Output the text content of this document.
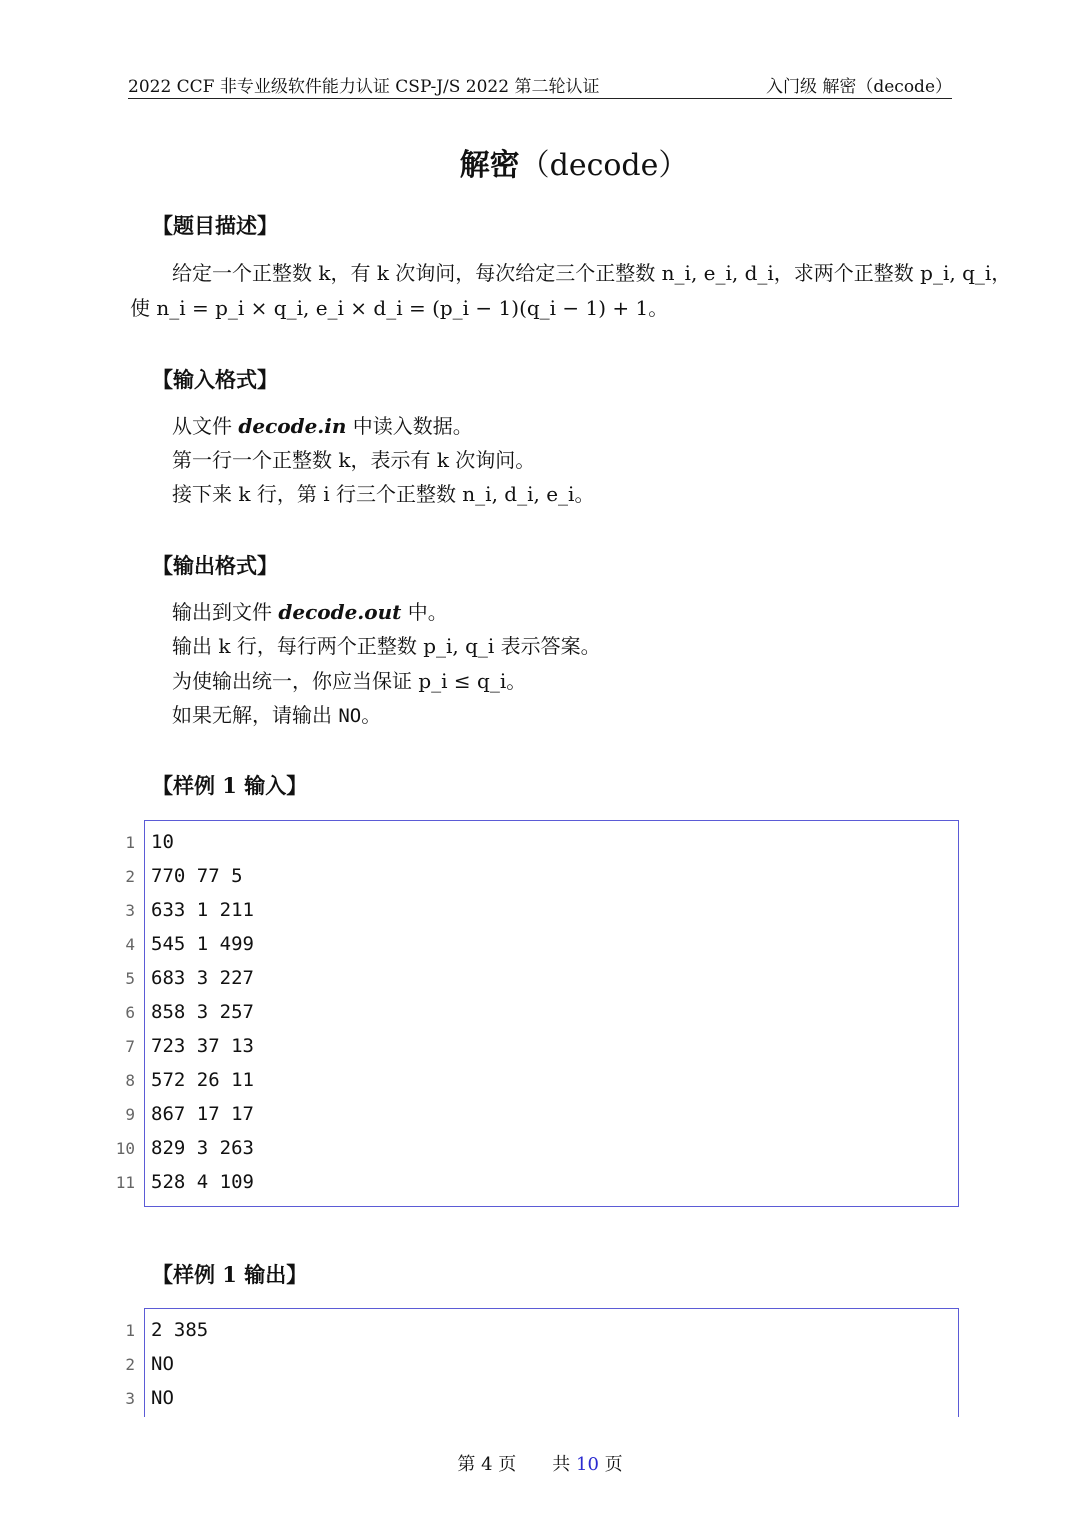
2022 CCF 非专业级软件能力认证 CSP-J/S 2022 第二轮认证	入门级 解密（decode）
解密（decode）
【题目描述】
给定一个正整数 k，有 k 次询问，每次给定三个正整数 n_i, e_i, d_i，求两个正整数 p_i, q_i，
使 n_i = p_i × q_i, e_i × d_i = (p_i − 1)(q_i − 1) + 1。
【输入格式】
从文件 decode.in 中读入数据。
第一行一个正整数 k，表示有 k 次询问。
接下来 k 行，第 i 行三个正整数 n_i, d_i, e_i。
【输出格式】
输出到文件 decode.out 中。
输出 k 行，每行两个正整数 p_i, q_i 表示答案。
为使输出统一，你应当保证 p_i ≤ q_i。
如果无解，请输出 NO。
【样例 1 输入】
1 10
2 770 77 5
3 633 1 211
4 545 1 499
5 683 3 227
6 858 3 257
7 723 37 13
8 572 26 11
9 867 17 17
10 829 3 263
11 528 4 109
【样例 1 输出】
1 2 385
2 NO
3 NO
第 4 页 共 10 页
